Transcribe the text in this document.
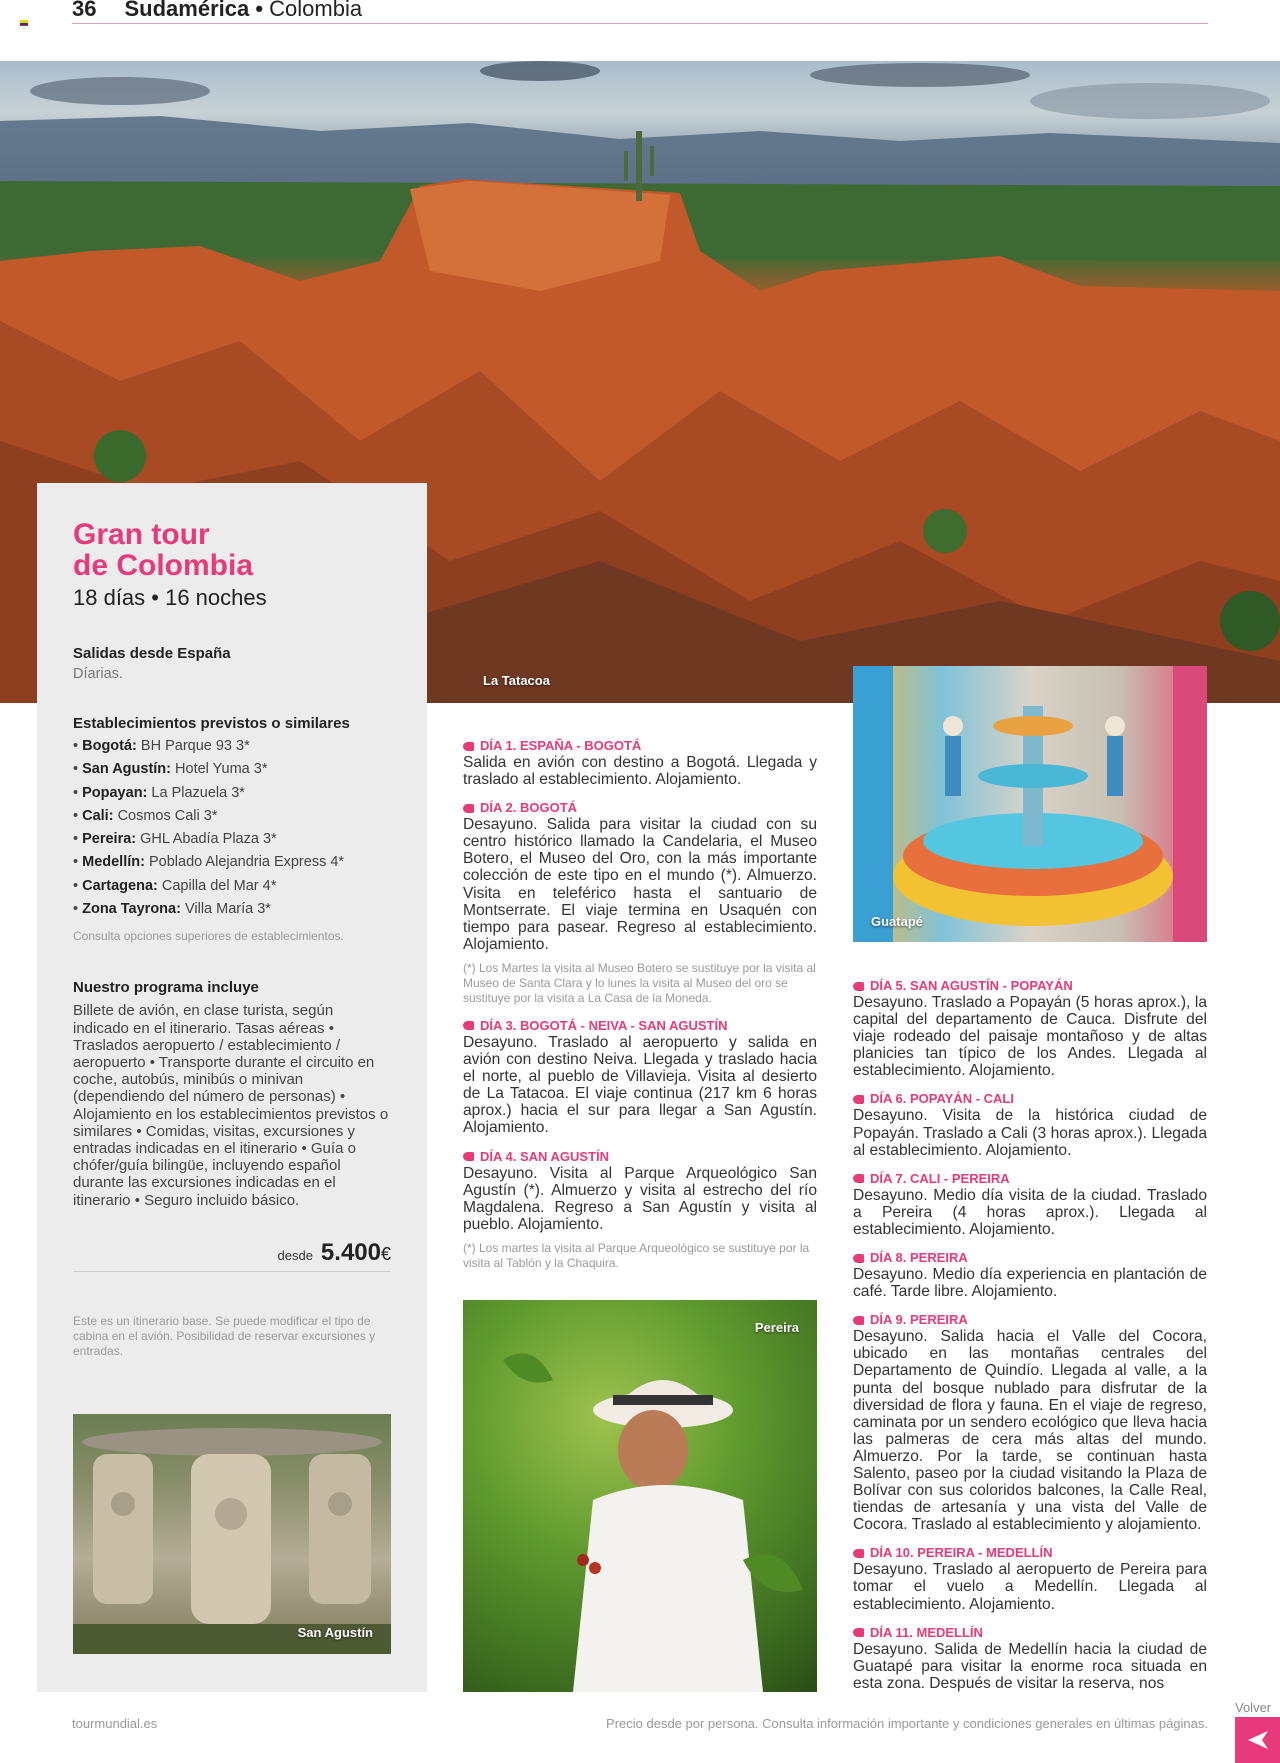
36 Sudamérica • Colombia
La Tatacoa
Gran tour
de Colombia
18 días • 16 noches
Salidas desde España
Díarias.
Establecimientos previstos o similares
• Bogotá: BH Parque 93 3*
• San Agustín: Hotel Yuma 3*
• Popayan: La Plazuela 3*
• Cali: Cosmos Cali 3*
• Pereira: GHL Abadía Plaza 3*
• Medellín: Poblado Alejandria Express 4*
• Cartagena: Capilla del Mar 4*
• Zona Tayrona: Villa María 3*
Consulta opciones superiores de establecimientos.
Nuestro programa incluye
Billete de avión, en clase turista, según indicado en el itinerario. Tasas aéreas • Traslados aeropuerto / establecimiento / aeropuerto • Transporte durante el circuito en coche, autobús, minibús o minivan (dependiendo del número de personas) • Alojamiento en los establecimientos previstos o similares • Comidas, visitas, excursiones y entradas indicadas en el itinerario • Guía o chófer/guía bilingüe, incluyendo español durante las excursiones indicadas en el itinerario • Seguro incluido básico.
desde 5.400€
Este es un itinerario base. Se puede modificar el tipo de cabina en el avión. Posibilidad de reservar excursiones y entradas.
San Agustín
DÍA 1. ESPAÑA - BOGOTÁ
Salida en avión con destino a Bogotá. Llegada y traslado al establecimiento. Alojamiento.
DÍA 2. BOGOTÁ
Desayuno. Salida para visitar la ciudad con su centro histórico llamado la Candelaria, el Museo Botero, el Museo del Oro, con la más importante colección de este tipo en el mundo (*). Almuerzo. Visita en teleférico hasta el santuario de Montserrate. El viaje termina en Usaquén con tiempo para pasear. Regreso al establecimiento. Alojamiento.
(*) Los Martes la visita al Museo Botero se sustituye por la visita al Museo de Santa Clara y lo lunes la visita al Museo del oro se sustituye por la visita a La Casa de la Moneda.
DÍA 3. BOGOTÁ - NEIVA - SAN AGUSTÍN
Desayuno. Traslado al aeropuerto y salida en avión con destino Neiva. Llegada y traslado hacia el norte, al pueblo de Villavieja. Visita al desierto de La Tatacoa. El viaje continua (217 km 6 horas aprox.) hacia el sur para llegar a San Agustín. Alojamiento.
DÍA 4. SAN AGUSTÍN
Desayuno. Visita al Parque Arqueológico San Agustín (*). Almuerzo y visita al estrecho del río Magdalena. Regreso a San Agustín y visita al pueblo. Alojamiento.
(*) Los martes la visita al Parque Arqueológico se sustituye por la visita al Tablón y la Chaquira.
Guatapé
Pereira
DÍA 5. SAN AGUSTÍN - POPAYÁN
Desayuno. Traslado a Popayán (5 horas aprox.), la capital del departamento de Cauca. Disfrute del viaje rodeado del paisaje montañoso y de altas planicies tan típico de los Andes. Llegada al establecimiento. Alojamiento.
DÍA 6. POPAYÁN - CALI
Desayuno. Visita de la histórica ciudad de Popayán. Traslado a Cali (3 horas aprox.). Llegada al establecimiento. Alojamiento.
DÍA 7. CALI - PEREIRA
Desayuno. Medio día visita de la ciudad. Traslado a Pereira (4 horas aprox.). Llegada al establecimiento. Alojamiento.
DÍA 8. PEREIRA
Desayuno. Medio día experiencia en plantación de café. Tarde libre. Alojamiento.
DÍA 9. PEREIRA
Desayuno. Salida hacia el Valle del Cocora, ubicado en las montañas centrales del Departamento de Quindío. Llegada al valle, a la punta del bosque nublado para disfrutar de la diversidad de flora y fauna. En el viaje de regreso, caminata por un sendero ecológico que lleva hacia las palmeras de cera más altas del mundo. Almuerzo. Por la tarde, se continuan hasta Salento, paseo por la ciudad visitando la Plaza de Bolívar con sus coloridos balcones, la Calle Real, tiendas de artesanía y una vista del Valle de Cocora. Traslado al establecimiento y alojamiento.
DÍA 10. PEREIRA - MEDELLÍN
Desayuno. Traslado al aeropuerto de Pereira para tomar el vuelo a Medellín. Llegada al establecimiento. Alojamiento.
DÍA 11. MEDELLÍN
Desayuno. Salida de Medellín hacia la ciudad de Guatapé para visitar la enorme roca situada en esta zona. Después de visitar la reserva, nos
tourmundial.es	Precio desde por persona. Consulta información importante y condiciones generales en últimas páginas.
Volver
